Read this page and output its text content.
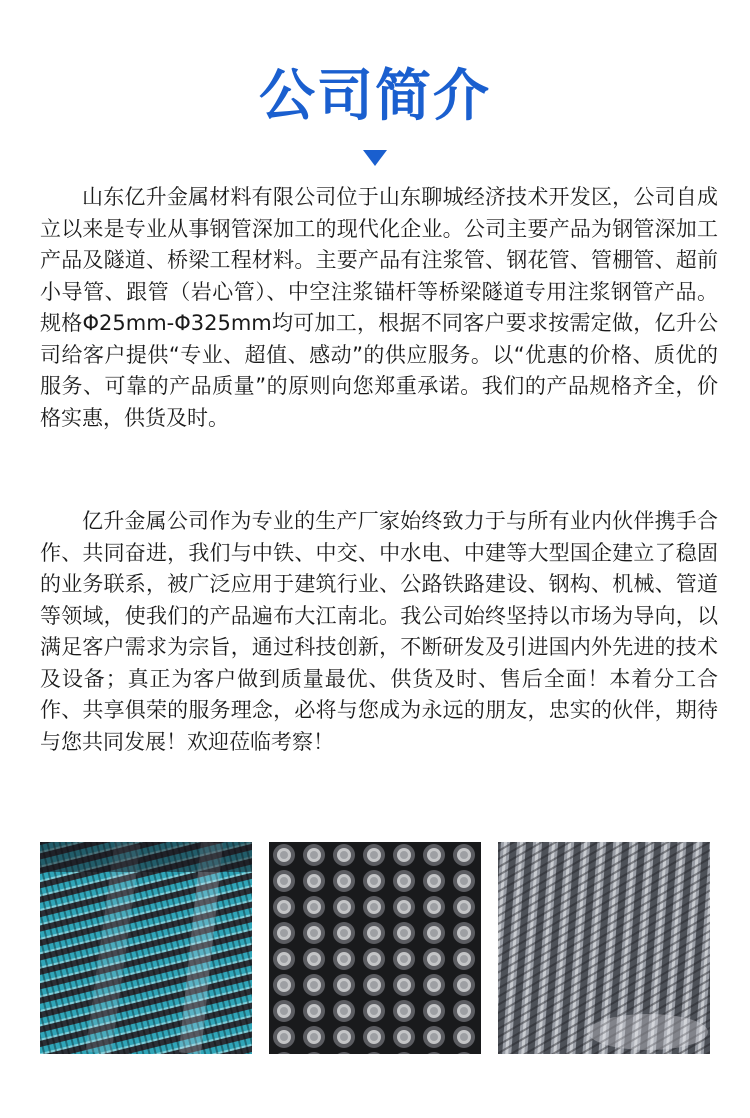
公司简介

山东亿升金属材料有限公司位于山东聊城经济技术开发区，公司自成立以来是专业从事钢管深加工的现代化企业。公司主要产品为钢管深加工产品及隧道、桥梁工程材料。主要产品有注浆管、钢花管、管棚管、超前小导管、跟管（岩心管）、中空注浆锚杆等桥梁隧道专用注浆钢管产品。规格Φ25mm-Φ325mm均可加工，根据不同客户要求按需定做，亿升公司给客户提供“专业、超值、感动”的供应服务。以“优惠的价格、质优的服务、可靠的产品质量”的原则向您郑重承诺。我们的产品规格齐全，价格实惠，供货及时。

亿升金属公司作为专业的生产厂家始终致力于与所有业内伙伴携手合作、共同奋进，我们与中铁、中交、中水电、中建等大型国企建立了稳固的业务联系，被广泛应用于建筑行业、公路铁路建设、钢构、机械、管道等领域，使我们的产品遍布大江南北。我公司始终坚持以市场为导向，以满足客户需求为宗旨，通过科技创新，不断研发及引进国内外先进的技术及设备；真正为客户做到质量最优、供货及时、售后全面！本着分工合作、共享俱荣的服务理念，必将与您成为永远的朋友，忠实的伙伴，期待与您共同发展！欢迎莅临考察！
